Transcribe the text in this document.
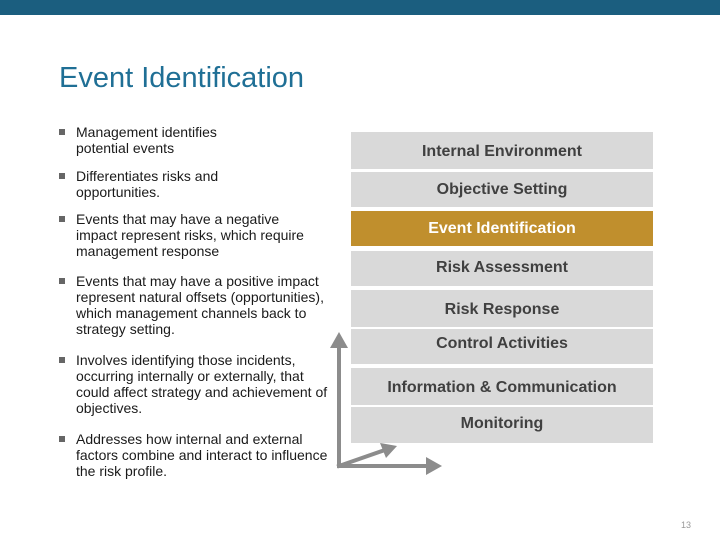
Event Identification
Management identifies potential events
Differentiates risks and opportunities.
Events that may have a negative impact represent risks, which require management response
Events that may have a positive impact represent natural offsets (opportunities), which management channels back to strategy setting.
Involves identifying those incidents, occurring internally or externally, that could affect strategy and achievement of objectives.
Addresses how internal and external factors combine and interact to influence the risk profile.
Internal Environment
Objective Setting
Event Identification
Risk Assessment
Risk Response
Control Activities
Information & Communication
Monitoring
13
